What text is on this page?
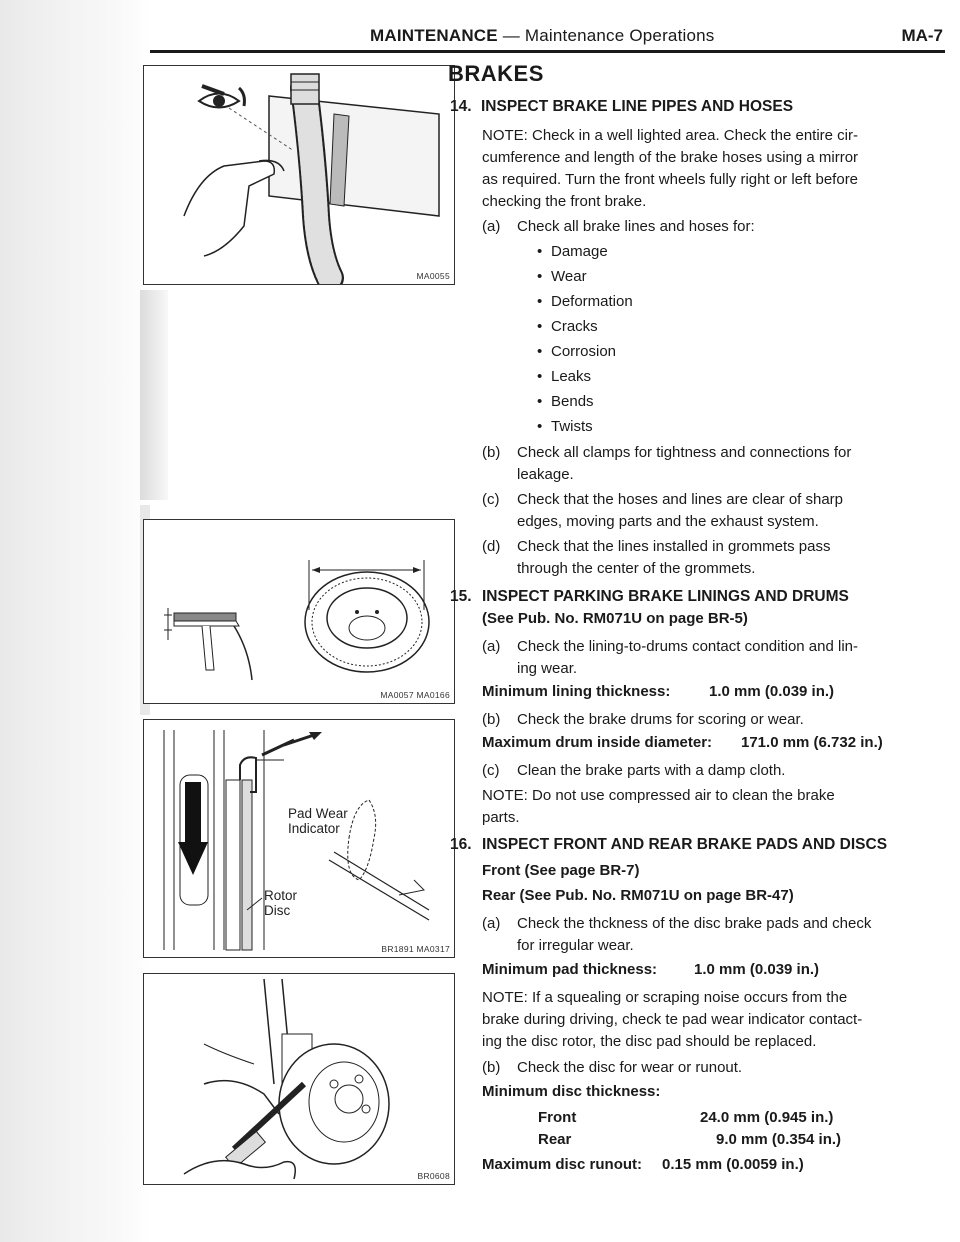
MAINTENANCE — Maintenance Operations	MA-7
MA0055
MA0057 MA0166
Pad Wear
Indicator
Rotor
Disc
BR1891 MA0317
BR0608
BRAKES
14. INSPECT BRAKE LINE PIPES AND HOSES
NOTE: Check in a well lighted area. Check the entire cir-
cumference and length of the brake hoses using a mirror
as required. Turn the front wheels fully right or left before
checking the front brake.
(a) Check all brake lines and hoses for:
• Damage
• Wear
• Deformation
• Cracks
• Corrosion
• Leaks
• Bends
• Twists
(b) Check all clamps for tightness and connections for
leakage.
(c) Check that the hoses and lines are clear of sharp
edges, moving parts and the exhaust system.
(d) Check that the lines installed in grommets pass
through the center of the grommets.
15. INSPECT PARKING BRAKE LININGS AND DRUMS
(See Pub. No. RM071U on page BR-5)
(a) Check the lining-to-drums contact condition and lin-
ing wear.
Minimum lining thickness:	1.0 mm (0.039 in.)
(b) Check the brake drums for scoring or wear.
Maximum drum inside diameter: 171.0 mm (6.732 in.)
(c) Clean the brake parts with a damp cloth.
NOTE: Do not use compressed air to clean the brake
parts.
16. INSPECT FRONT AND REAR BRAKE PADS AND DISCS
Front (See page BR-7)
Rear (See Pub. No. RM071U on page BR-47)
(a) Check the thckness of the disc brake pads and check
for irregular wear.
Minimum pad thickness: 1.0 mm (0.039 in.)
NOTE: If a squealing or scraping noise occurs from the
brake during driving, check te pad wear indicator contact-
ing the disc rotor, the disc pad should be replaced.
(b) Check the disc for wear or runout.
Minimum disc thickness:
Front	24.0 mm (0.945 in.)
Rear	9.0 mm (0.354 in.)
Maximum disc runout: 0.15 mm (0.0059 in.)
